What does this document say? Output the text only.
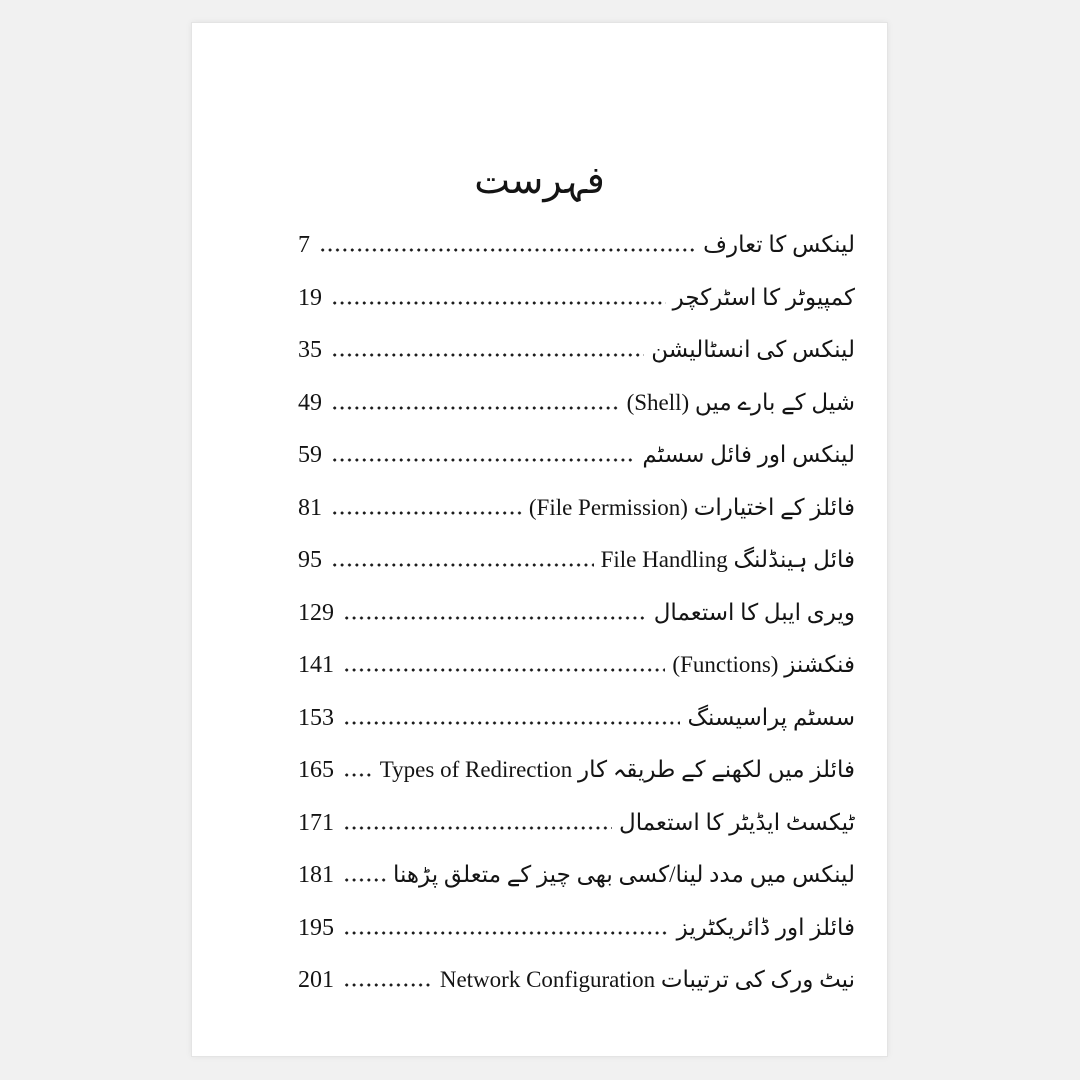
فہرست
لینکس کا تعارف
7
کمپیوٹر کا اسٹرکچر
19
لینکس کی انسٹالیشن
35
شیل کے بارے میں (Shell)
49
لینکس اور فائل سسٹم
59
فائلز کے اختیارات (File Permission)
81
فائل ہینڈلنگ File Handling
95
ویری ایبل کا استعمال
129
فنکشنز (Functions)
141
سسٹم پراسیسنگ
153
فائلز میں لکھنے کے طریقہ کار Types of Redirection
165
ٹیکسٹ ایڈیٹر کا استعمال
171
لینکس میں مدد لینا/کسی بھی چیز کے متعلق پڑھنا
181
فائلز اور ڈائریکٹریز
195
نیٹ ورک کی ترتیبات Network Configuration
201
